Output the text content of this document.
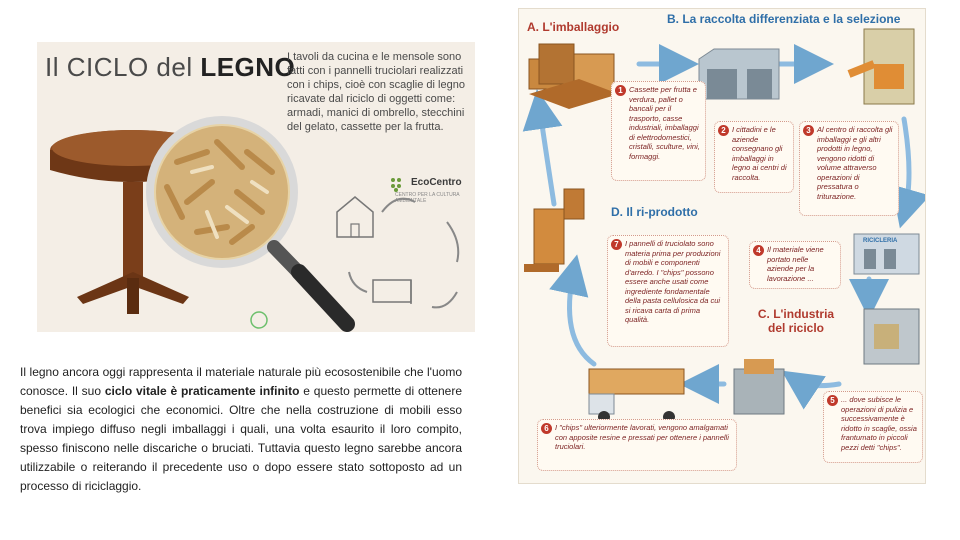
Il CICLO del LEGNO
I tavoli da cucina e le mensole sono fatti con i pannelli truciolari realizzati con i chips, cioè con scaglie di legno ricavate dal riciclo di oggetti come: armadi, manici di ombrello, stecchini del gelato, cassette per la frutta.
EcoCentro
CENTRO PER LA CULTURA AMBIENTALE
Il legno ancora oggi rappresenta il materiale naturale più ecosostenibile che l'uomo conosce. Il suo ciclo vitale è praticamente infinito e questo permette di ottenere benefici sia ecologici che economici. Oltre che nella costruzione di mobili esso trova impiego diffuso negli imballaggi i quali, una volta esaurito il loro compito, spesso finiscono nelle discariche o bruciati. Tuttavia questo legno sarebbe ancora utilizzabile o reiterando il precedente uso o dopo essere stato sottoposto ad un processo di riciclaggio.
A. L'imballaggio
B. La raccolta differenziata e la selezione
D. Il ri-prodotto
C. L'industria del riciclo
RICICLERIA
1 Cassette per frutta e verdura, pallet o bancali per il trasporto, casse industriali, imballaggi di elettrodomestici, cristalli, sculture, vini, formaggi.
2 I cittadini e le aziende consegnano gli imballaggi in legno ai centri di raccolta.
3 Al centro di raccolta gli imballaggi e gli altri prodotti in legno, vengono ridotti di volume attraverso operazioni di pressatura o triturazione.
4 Il materiale viene portato nelle aziende per la lavorazione ...
5 ... dove subisce le operazioni di pulizia e successivamente è ridotto in scaglie, ossia frantumato in piccoli pezzi detti "chips".
6 I "chips" ulteriormente lavorati, vengono amalgamati con apposite resine e pressati per ottenere i pannelli truciolari.
7 I pannelli di truciolato sono materia prima per produzioni di mobili e componenti d'arredo. I "chips" possono essere anche usati come ingrediente fondamentale della pasta cellulosica da cui si ricava carta di prima qualità.
